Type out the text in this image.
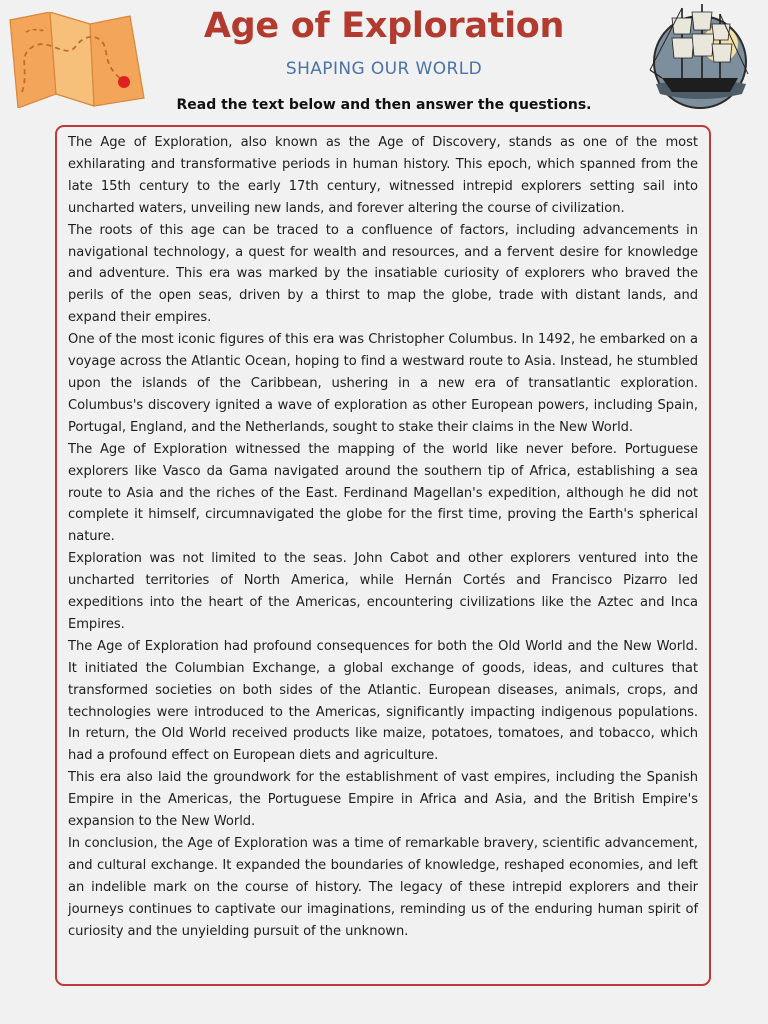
Age of Exploration
SHAPING OUR WORLD
Read the text below and then answer the questions.

The Age of Exploration, also known as the Age of Discovery, stands as one of the most exhilarating and transformative periods in human history. This epoch, which spanned from the late 15th century to the early 17th century, witnessed intrepid explorers setting sail into uncharted waters, unveiling new lands, and forever altering the course of civilization.

The roots of this age can be traced to a confluence of factors, including advancements in navigational technology, a quest for wealth and resources, and a fervent desire for knowledge and adventure. This era was marked by the insatiable curiosity of explorers who braved the perils of the open seas, driven by a thirst to map the globe, trade with distant lands, and expand their empires.

One of the most iconic figures of this era was Christopher Columbus. In 1492, he embarked on a voyage across the Atlantic Ocean, hoping to find a westward route to Asia. Instead, he stumbled upon the islands of the Caribbean, ushering in a new era of transatlantic exploration. Columbus's discovery ignited a wave of exploration as other European powers, including Spain, Portugal, England, and the Netherlands, sought to stake their claims in the New World.

The Age of Exploration witnessed the mapping of the world like never before. Portuguese explorers like Vasco da Gama navigated around the southern tip of Africa, establishing a sea route to Asia and the riches of the East. Ferdinand Magellan's expedition, although he did not complete it himself, circumnavigated the globe for the first time, proving the Earth's spherical nature.

Exploration was not limited to the seas. John Cabot and other explorers ventured into the uncharted territories of North America, while Hernán Cortés and Francisco Pizarro led expeditions into the heart of the Americas, encountering civilizations like the Aztec and Inca Empires.

The Age of Exploration had profound consequences for both the Old World and the New World. It initiated the Columbian Exchange, a global exchange of goods, ideas, and cultures that transformed societies on both sides of the Atlantic. European diseases, animals, crops, and technologies were introduced to the Americas, significantly impacting indigenous populations. In return, the Old World received products like maize, potatoes, tomatoes, and tobacco, which had a profound effect on European diets and agriculture.

This era also laid the groundwork for the establishment of vast empires, including the Spanish Empire in the Americas, the Portuguese Empire in Africa and Asia, and the British Empire's expansion to the New World.

In conclusion, the Age of Exploration was a time of remarkable bravery, scientific advancement, and cultural exchange. It expanded the boundaries of knowledge, reshaped economies, and left an indelible mark on the course of history. The legacy of these intrepid explorers and their journeys continues to captivate our imaginations, reminding us of the enduring human spirit of curiosity and the unyielding pursuit of the unknown.
